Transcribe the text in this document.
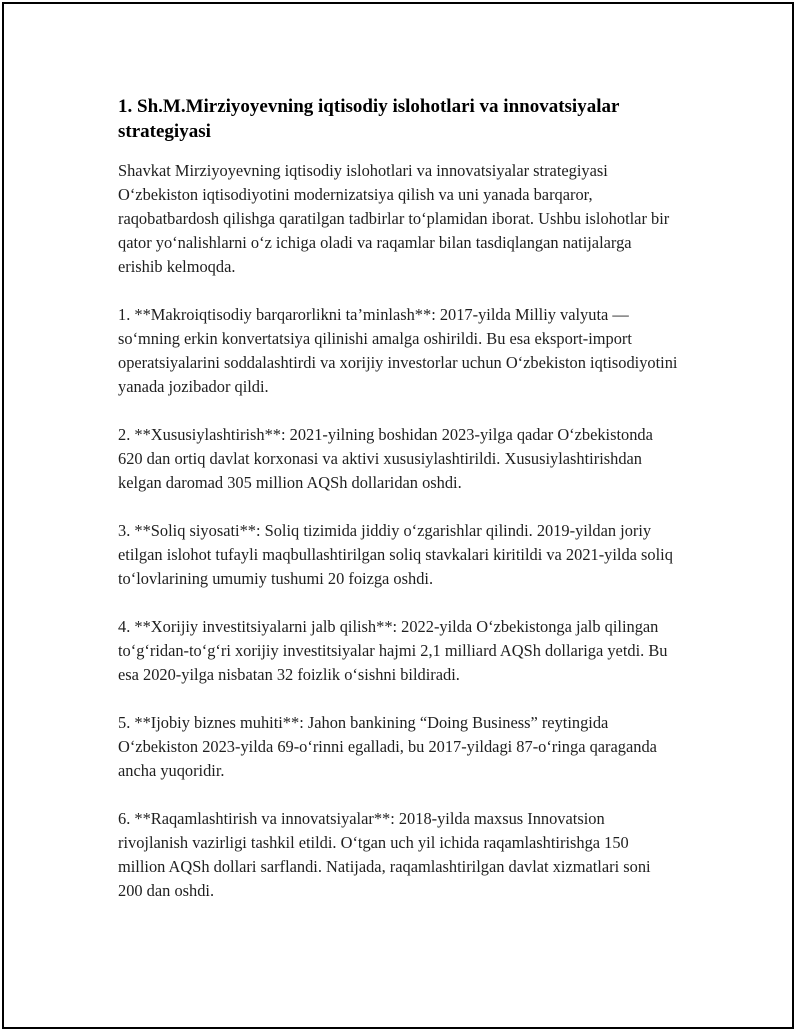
1. Sh.M.Mirziyoyevning iqtisodiy islohotlari va innovatsiyalar strategiyasi

Shavkat Mirziyoyevning iqtisodiy islohotlari va innovatsiyalar strategiyasi O‘zbekiston iqtisodiyotini modernizatsiya qilish va uni yanada barqaror, raqobatbardosh qilishga qaratilgan tadbirlar to‘plamidan iborat. Ushbu islohotlar bir qator yo‘nalishlarni o‘z ichiga oladi va raqamlar bilan tasdiqlangan natijalarga erishib kelmoqda.

1. **Makroiqtisodiy barqarorlikni ta’minlash**: 2017-yilda Milliy valyuta — so‘mning erkin konvertatsiya qilinishi amalga oshirildi. Bu esa eksport-import operatsiyalarini soddalashtirdi va xorijiy investorlar uchun O‘zbekiston iqtisodiyotini yanada jozibador qildi.

2. **Xususiylashtirish**: 2021-yilning boshidan 2023-yilga qadar O‘zbekistonda 620 dan ortiq davlat korxonasi va aktivi xususiylashtirildi. Xususiylashtirishdan kelgan daromad 305 million AQSh dollaridan oshdi.

3. **Soliq siyosati**: Soliq tizimida jiddiy o‘zgarishlar qilindi. 2019-yildan joriy etilgan islohot tufayli maqbullashtirilgan soliq stavkalari kiritildi va 2021-yilda soliq to‘lovlarining umumiy tushumi 20 foizga oshdi.

4. **Xorijiy investitsiyalarni jalb qilish**: 2022-yilda O‘zbekistonga jalb qilingan to‘g‘ridan-to‘g‘ri xorijiy investitsiyalar hajmi 2,1 milliard AQSh dollariga yetdi. Bu esa 2020-yilga nisbatan 32 foizlik o‘sishni bildiradi.

5. **Ijobiy biznes muhiti**: Jahon bankining “Doing Business” reytingida O‘zbekiston 2023-yilda 69-o‘rinni egalladi, bu 2017-yildagi 87-o‘ringa qaraganda ancha yuqoridir.

6. **Raqamlashtirish va innovatsiyalar**: 2018-yilda maxsus Innovatsion rivojlanish vazirligi tashkil etildi. O‘tgan uch yil ichida raqamlashtirishga 150 million AQSh dollari sarflandi. Natijada, raqamlashtirilgan davlat xizmatlari soni 200 dan oshdi.
